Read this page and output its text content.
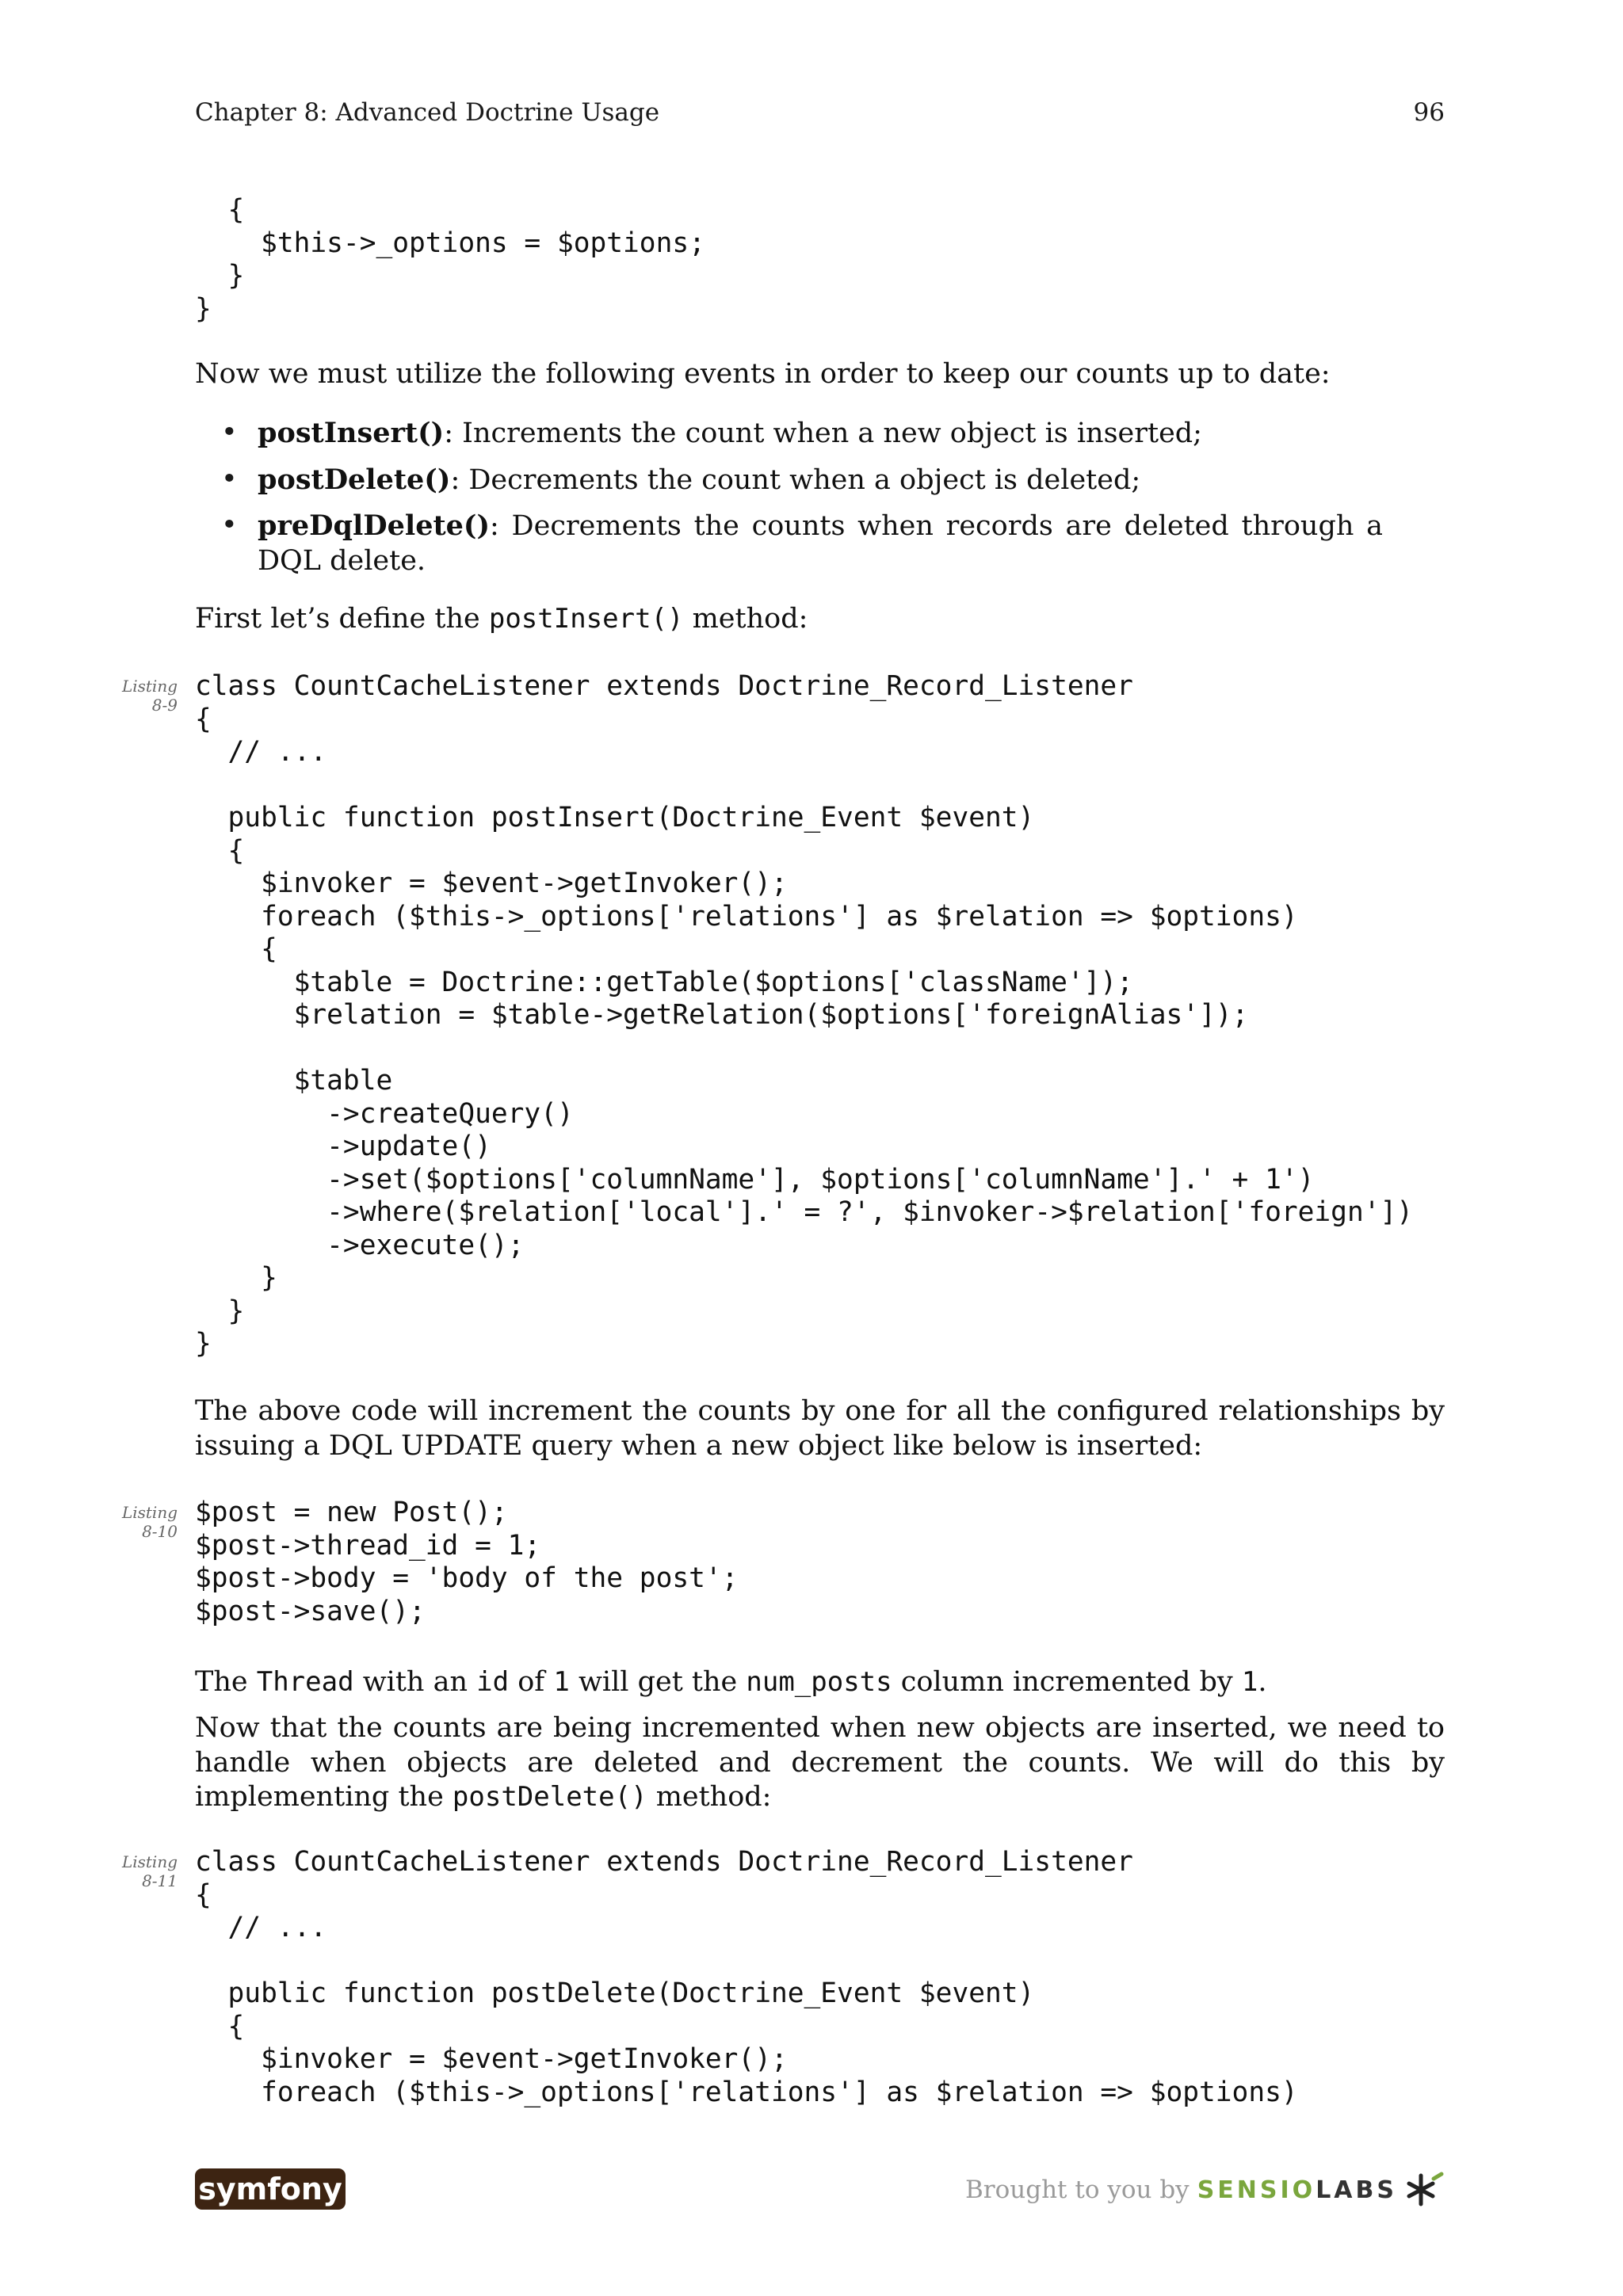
Chapter 8: Advanced Doctrine Usage	96
{
$this->_options = $options;
}
}

Now we must utilize the following events in order to keep our counts up to date:

• postInsert(): Increments the count when a new object is inserted;
• postDelete(): Decrements the count when a object is deleted;
• preDqlDelete(): Decrements the counts when records are deleted through a DQL delete.

First let’s define the postInsert() method:

Listing
8-9
class CountCacheListener extends Doctrine_Record_Listener
{
// ...

public function postInsert(Doctrine_Event $event)
{
$invoker = $event->getInvoker();
foreach ($this->_options['relations'] as $relation => $options)
{
$table = Doctrine::getTable($options['className']);
$relation = $table->getRelation($options['foreignAlias']);

$table
->createQuery()
->update()
->set($options['columnName'], $options['columnName'].' + 1')
->where($relation['local'].' = ?', $invoker->$relation['foreign'])
->execute();
}
}
}

The above code will increment the counts by one for all the configured relationships by issuing a DQL UPDATE query when a new object like below is inserted:

Listing
8-10
$post = new Post();
$post->thread_id = 1;
$post->body = 'body of the post';
$post->save();

The Thread with an id of 1 will get the num_posts column incremented by 1.

Now that the counts are being incremented when new objects are inserted, we need to handle when objects are deleted and decrement the counts. We will do this by implementing the postDelete() method:

Listing
8-11
class CountCacheListener extends Doctrine_Record_Listener
{
// ...

public function postDelete(Doctrine_Event $event)
{
$invoker = $event->getInvoker();
foreach ($this->_options['relations'] as $relation => $options)
symfony	Brought to you by SENSIOLABS
